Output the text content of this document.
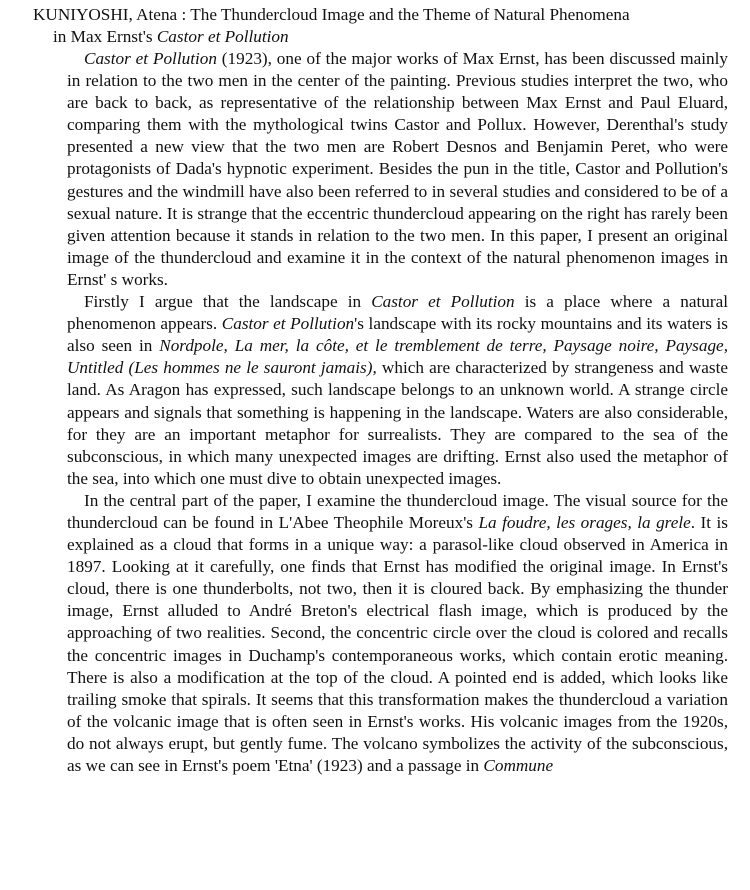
KUNIYOSHI, Atena : The Thundercloud Image and the Theme of Natural Phenomena
in Max Ernst's Castor et Pollution

Castor et Pollution (1923), one of the major works of Max Ernst, has been discussed mainly in relation to the two men in the center of the painting. Previous studies interpret the two, who are back to back, as representative of the relationship between Max Ernst and Paul Eluard, comparing them with the mythological twins Castor and Pollux. However, Derenthal's study presented a new view that the two men are Robert Desnos and Benjamin Peret, who were protagonists of Dada's hypnotic experiment. Besides the pun in the title, Castor and Pollution's gestures and the windmill have also been referred to in several studies and considered to be of a sexual nature. It is strange that the eccentric thundercloud appearing on the right has rarely been given attention because it stands in relation to the two men. In this paper, I present an original image of the thundercloud and examine it in the context of the natural phenomenon images in Ernst' s works.

Firstly I argue that the landscape in Castor et Pollution is a place where a natural phenomenon appears. Castor et Pollution's landscape with its rocky mountains and its waters is also seen in Nordpole, La mer, la côte, et le tremblement de terre, Paysage noire, Paysage, Untitled (Les hommes ne le sauront jamais), which are characterized by strangeness and waste land. As Aragon has expressed, such landscape belongs to an unknown world. A strange circle appears and signals that something is happening in the landscape. Waters are also considerable, for they are an important metaphor for surrealists. They are compared to the sea of the subconscious, in which many unexpected images are drifting. Ernst also used the metaphor of the sea, into which one must dive to obtain unexpected images.

In the central part of the paper, I examine the thundercloud image. The visual source for the thundercloud can be found in L'Abee Theophile Moreux's La foudre, les orages, la grele. It is explained as a cloud that forms in a unique way: a parasol-like cloud observed in America in 1897. Looking at it carefully, one finds that Ernst has modified the original image. In Ernst's cloud, there is one thunderbolts, not two, then it is cloured back. By emphasizing the thunder image, Ernst alluded to André Breton's electrical flash image, which is produced by the approaching of two realities. Second, the concentric circle over the cloud is colored and recalls the concentric images in Duchamp's contemporaneous works, which contain erotic meaning. There is also a modification at the top of the cloud. A pointed end is added, which looks like trailing smoke that spirals. It seems that this transformation makes the thundercloud a variation of the volcanic image that is often seen in Ernst's works. His volcanic images from the 1920s, do not always erupt, but gently fume. The volcano symbolizes the activity of the subconscious, as we can see in Ernst's poem 'Etna' (1923) and a passage in Commune
